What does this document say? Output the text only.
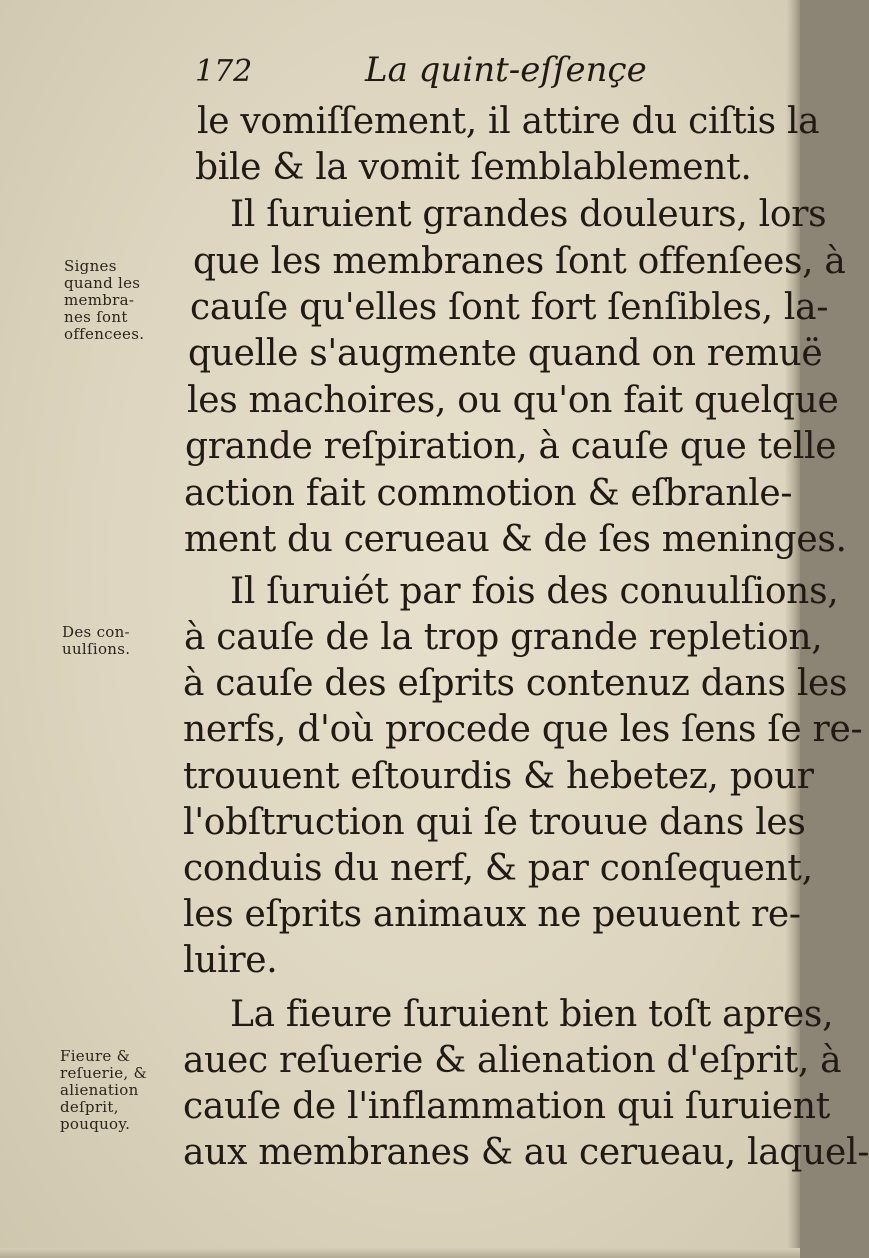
172	La quint-eſſençe
le vomiſſement, il attire du ciſtis la
bile & la vomit ſemblablement.
Il ſuruient grandes douleurs, lors
que les membranes ſont offenſees, à
cauſe qu'elles ſont fort ſenſibles, la-
quelle s'augmente quand on remuë
les machoires, ou qu'on fait quelque
grande reſpiration, à cauſe que telle
action fait commotion & eſbranle-
ment du cerueau & de ſes meninges.
Il ſuruiét par fois des conuulſions,
à cauſe de la trop grande repletion,
à cauſe des eſprits contenuz dans les
nerfs, d'où procede que les ſens ſe re-
trouuent eſtourdis & hebetez, pour
l'obſtruction qui ſe trouue dans les
conduis du nerf, & par conſequent,
les eſprits animaux ne peuuent re-
luire.
La fieure ſuruient bien toſt apres,
auec reſuerie & alienation d'eſprit, à
cauſe de l'inflammation qui ſuruient
aux membranes & au cerueau, laquel-
Signes
quand les
membra-
nes ſont
offencees.
Des con-
uulſions.
Fieure &
reſuerie, &
alienation
deſprit,
pouquoy.
